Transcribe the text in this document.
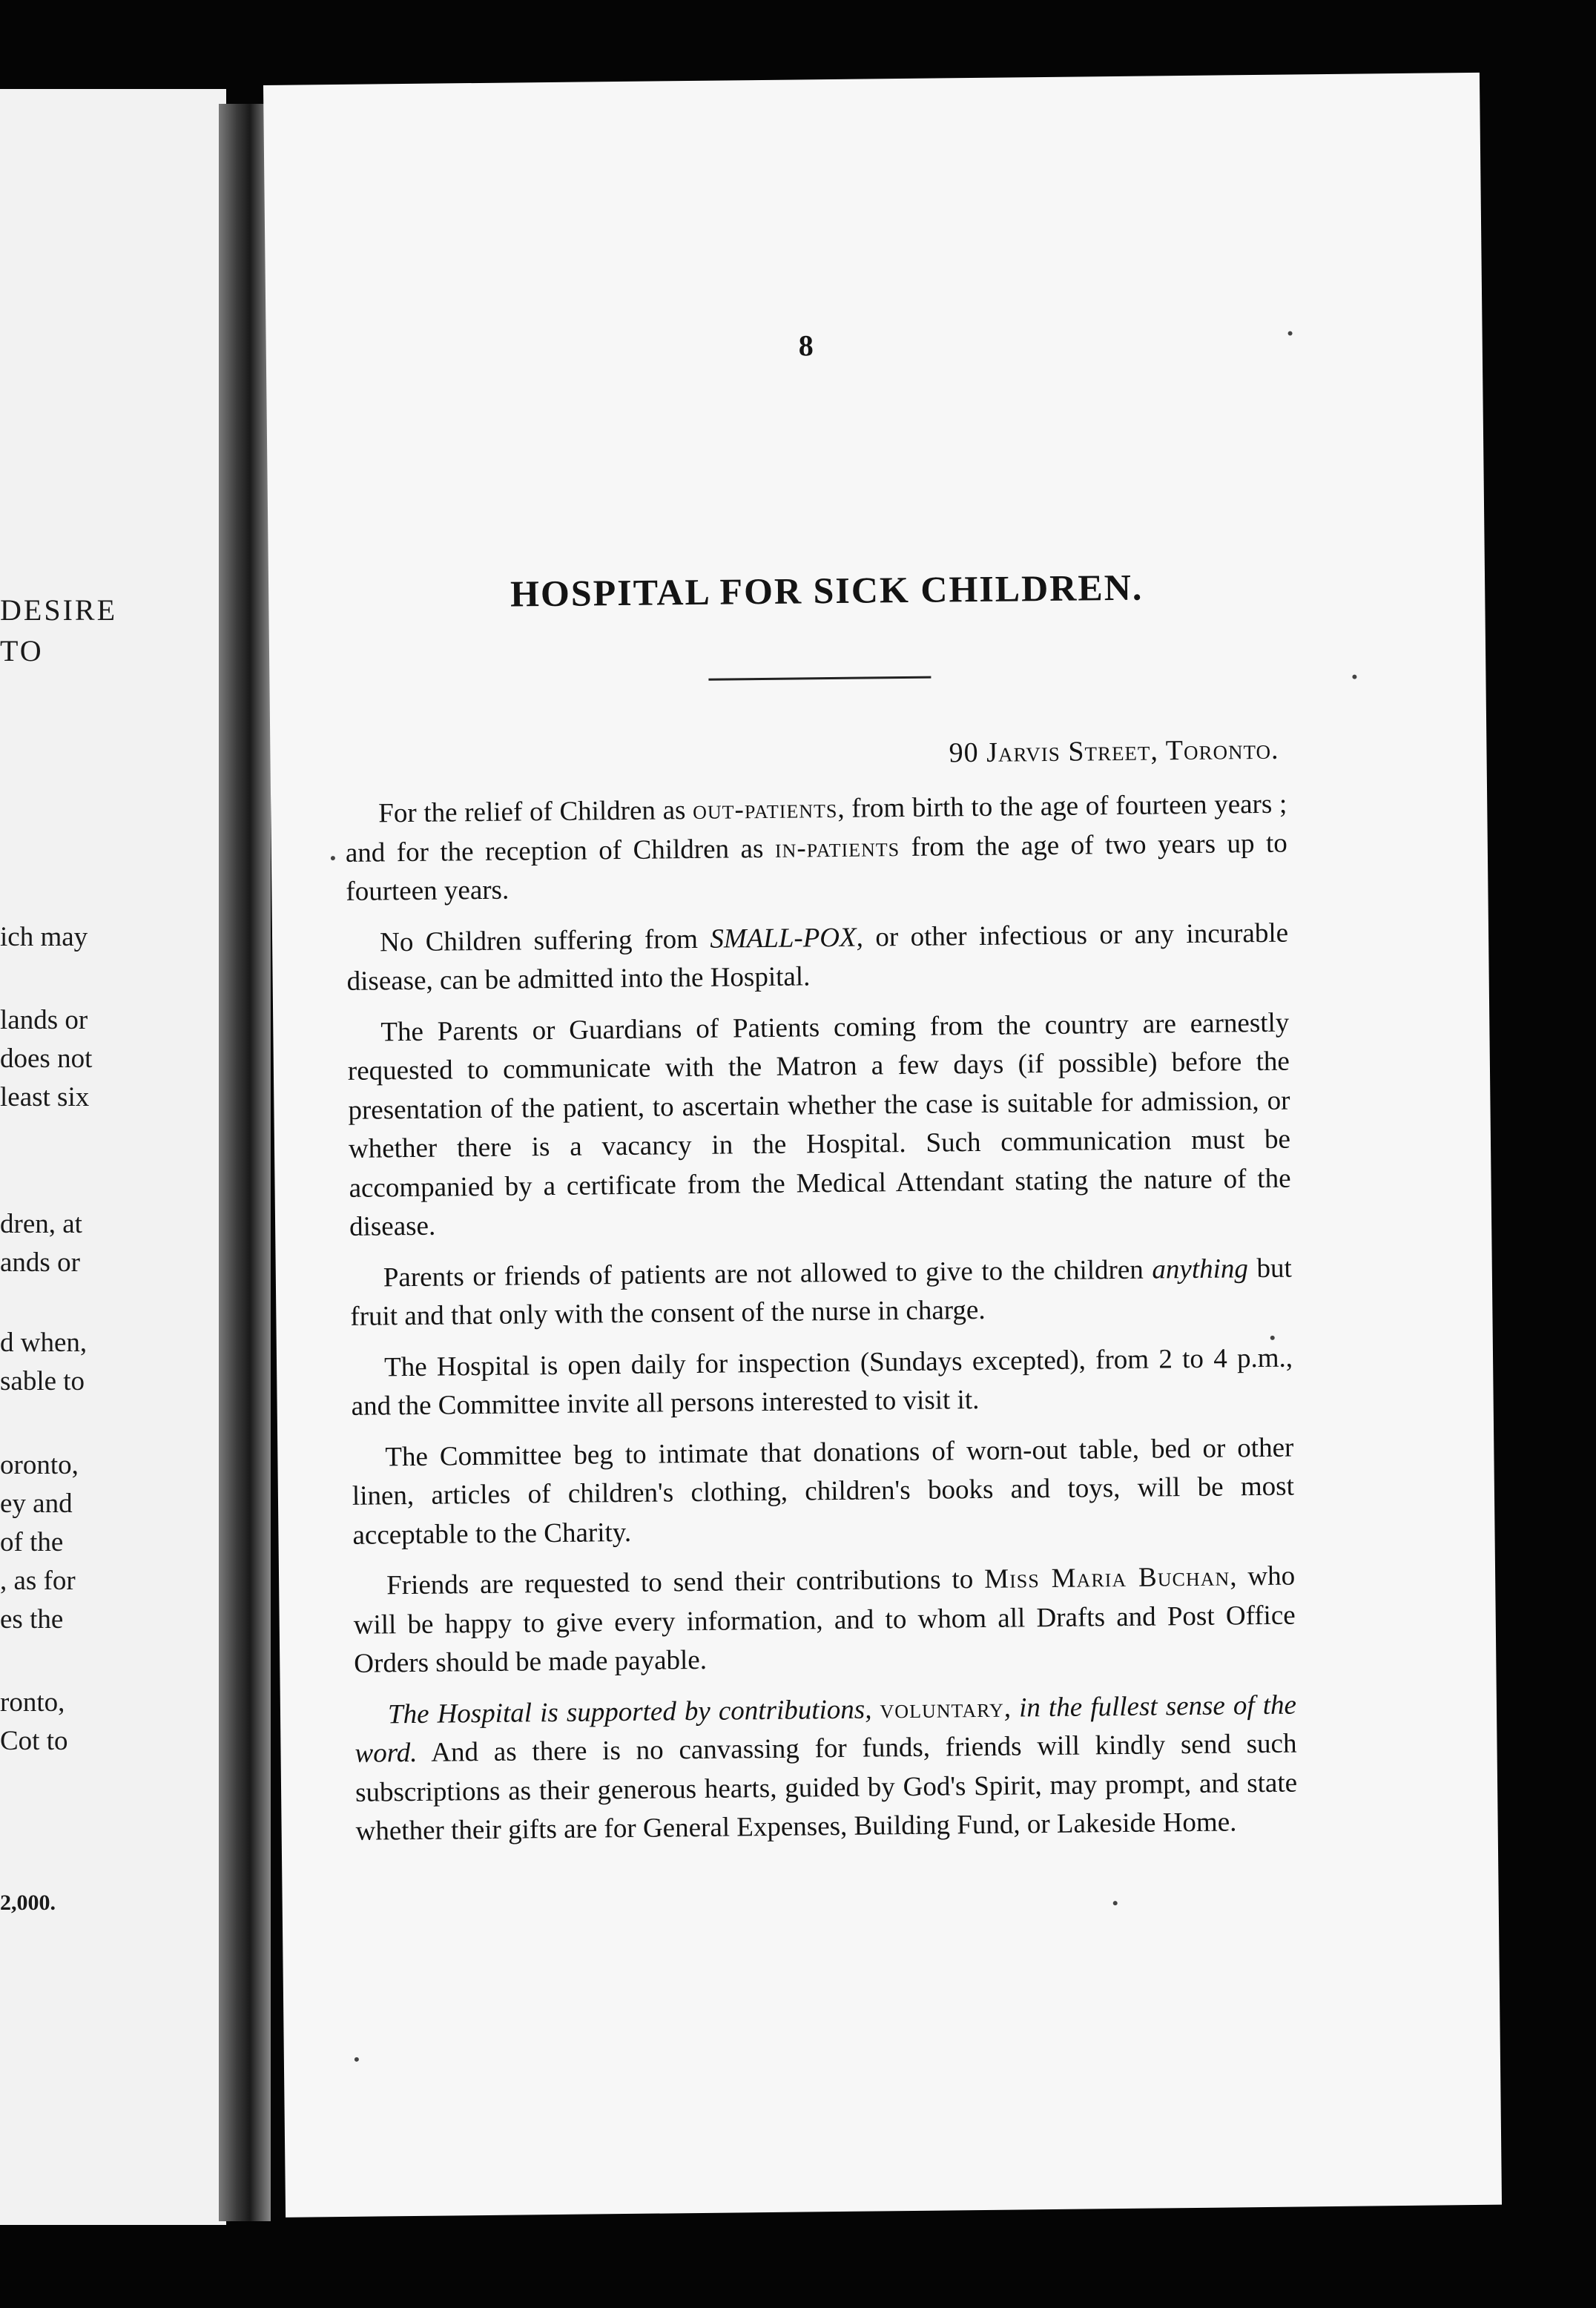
DESIRE
TO
ich may
lands or
does not
least six
dren, at
ands or
d when,
sable to
oronto,
ey and
of the
, as for
es the
ronto,
Cot to
2,000.
8
HOSPITAL FOR SICK CHILDREN.
90 Jarvis Street, Toronto.

For the relief of Children as out-patients, from birth to the age of fourteen years ; and for the reception of Children as in-patients from the age of two years up to fourteen years.

No Children suffering from SMALL-POX, or other infectious or any incurable disease, can be admitted into the Hospital.

The Parents or Guardians of Patients coming from the country are earnestly requested to communicate with the Matron a few days (if possible) before the presentation of the patient, to ascertain whether the case is suitable for admission, or whether there is a vacancy in the Hospital. Such communication must be accompanied by a certificate from the Medical Attendant stating the nature of the disease.

Parents or friends of patients are not allowed to give to the children anything but fruit and that only with the consent of the nurse in charge.

The Hospital is open daily for inspection (Sundays excepted), from 2 to 4 p.m., and the Committee invite all persons interested to visit it.

The Committee beg to intimate that donations of worn-out table, bed or other linen, articles of children's clothing, children's books and toys, will be most acceptable to the Charity.

Friends are requested to send their contributions to Miss Maria Buchan, who will be happy to give every information, and to whom all Drafts and Post Office Orders should be made payable.

The Hospital is supported by contributions, voluntary, in the fullest sense of the word. And as there is no canvassing for funds, friends will kindly send such subscriptions as their generous hearts, guided by God's Spirit, may prompt, and state whether their gifts are for General Expenses, Building Fund, or Lakeside Home.
